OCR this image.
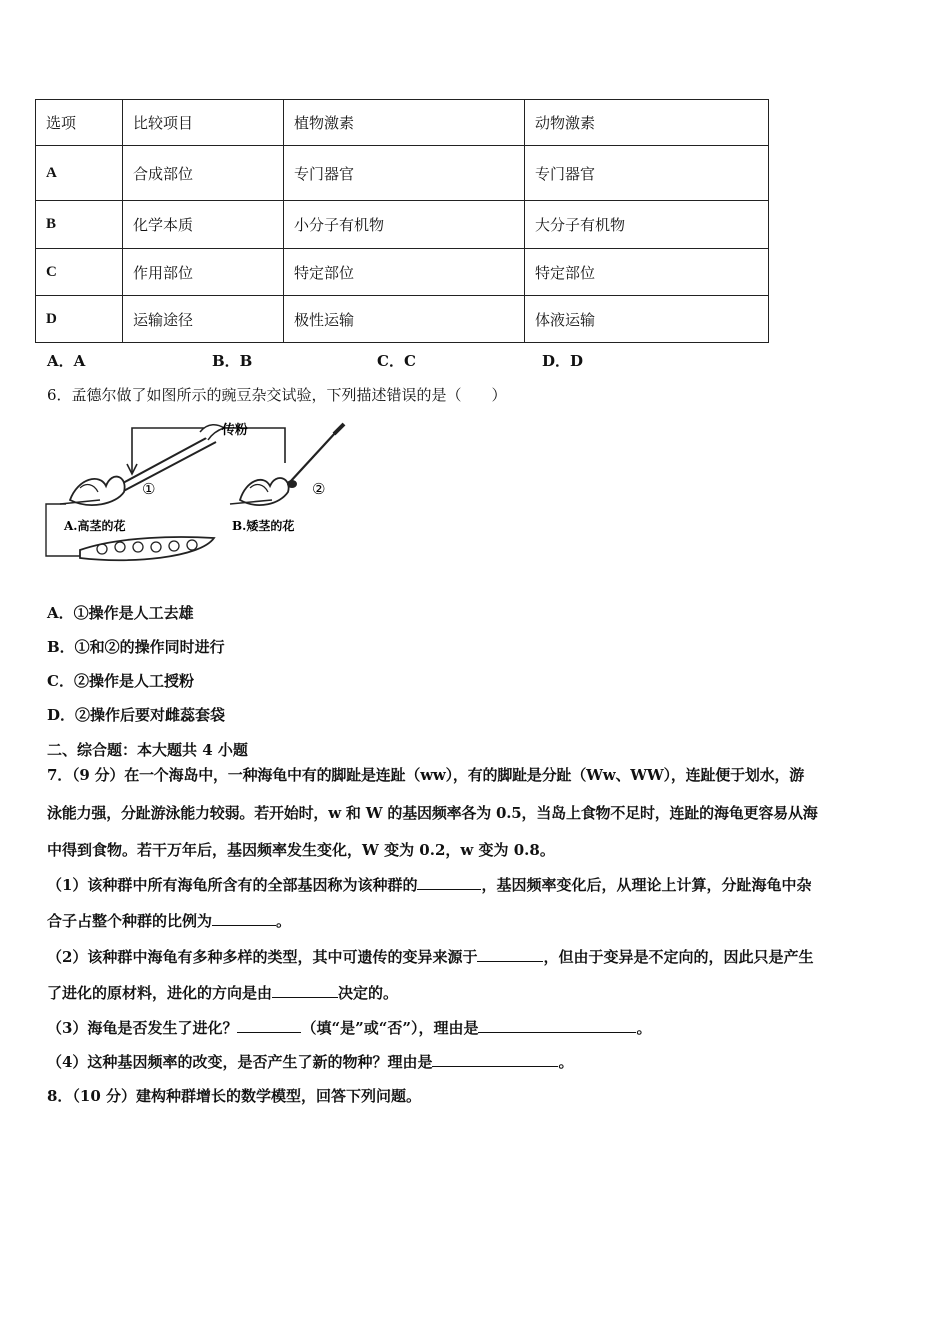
选项	比较项目	植物激素	动物激素
A	合成部位	专门器官	专门器官
B	化学本质	小分子有机物	大分子有机物
C	作用部位	特定部位	特定部位
D	运输途径	极性运输	体液运输
A．A	B．B	C．C	D．D
6．孟德尔做了如图所示的豌豆杂交试验，下列描述错误的是（　　）
传粉
①	②
A.高茎的花	B.矮茎的花
A．①操作是人工去雄
B．①和②的操作同时进行
C．②操作是人工授粉
D．②操作后要对雌蕊套袋
二、综合题：本大题共 4 小题
7．（9 分）在一个海岛中，一种海龟中有的脚趾是连趾（ww），有的脚趾是分趾（Ww、WW），连趾便于划水，游
泳能力强，分趾游泳能力较弱。若开始时，w 和 W 的基因频率各为 0.5，当岛上食物不足时，连趾的海龟更容易从海
中得到食物。若干万年后，基因频率发生变化，W 变为 0.2，w 变为 0.8。
（1）该种群中所有海龟所含有的全部基因称为该种群的	，基因频率变化后，从理论上计算，分趾海龟中杂
合子占整个种群的比例为	。
（2）该种群中海龟有多种多样的类型，其中可遗传的变异来源于	，但由于变异是不定向的，因此只是产生
了进化的原材料，进化的方向是由	决定的。
（3）海龟是否发生了进化？	（填“是”或“否”），理由是	。
（4）这种基因频率的改变，是否产生了新的物种？理由是	。
8．（10 分）建构种群增长的数学模型，回答下列问题。
